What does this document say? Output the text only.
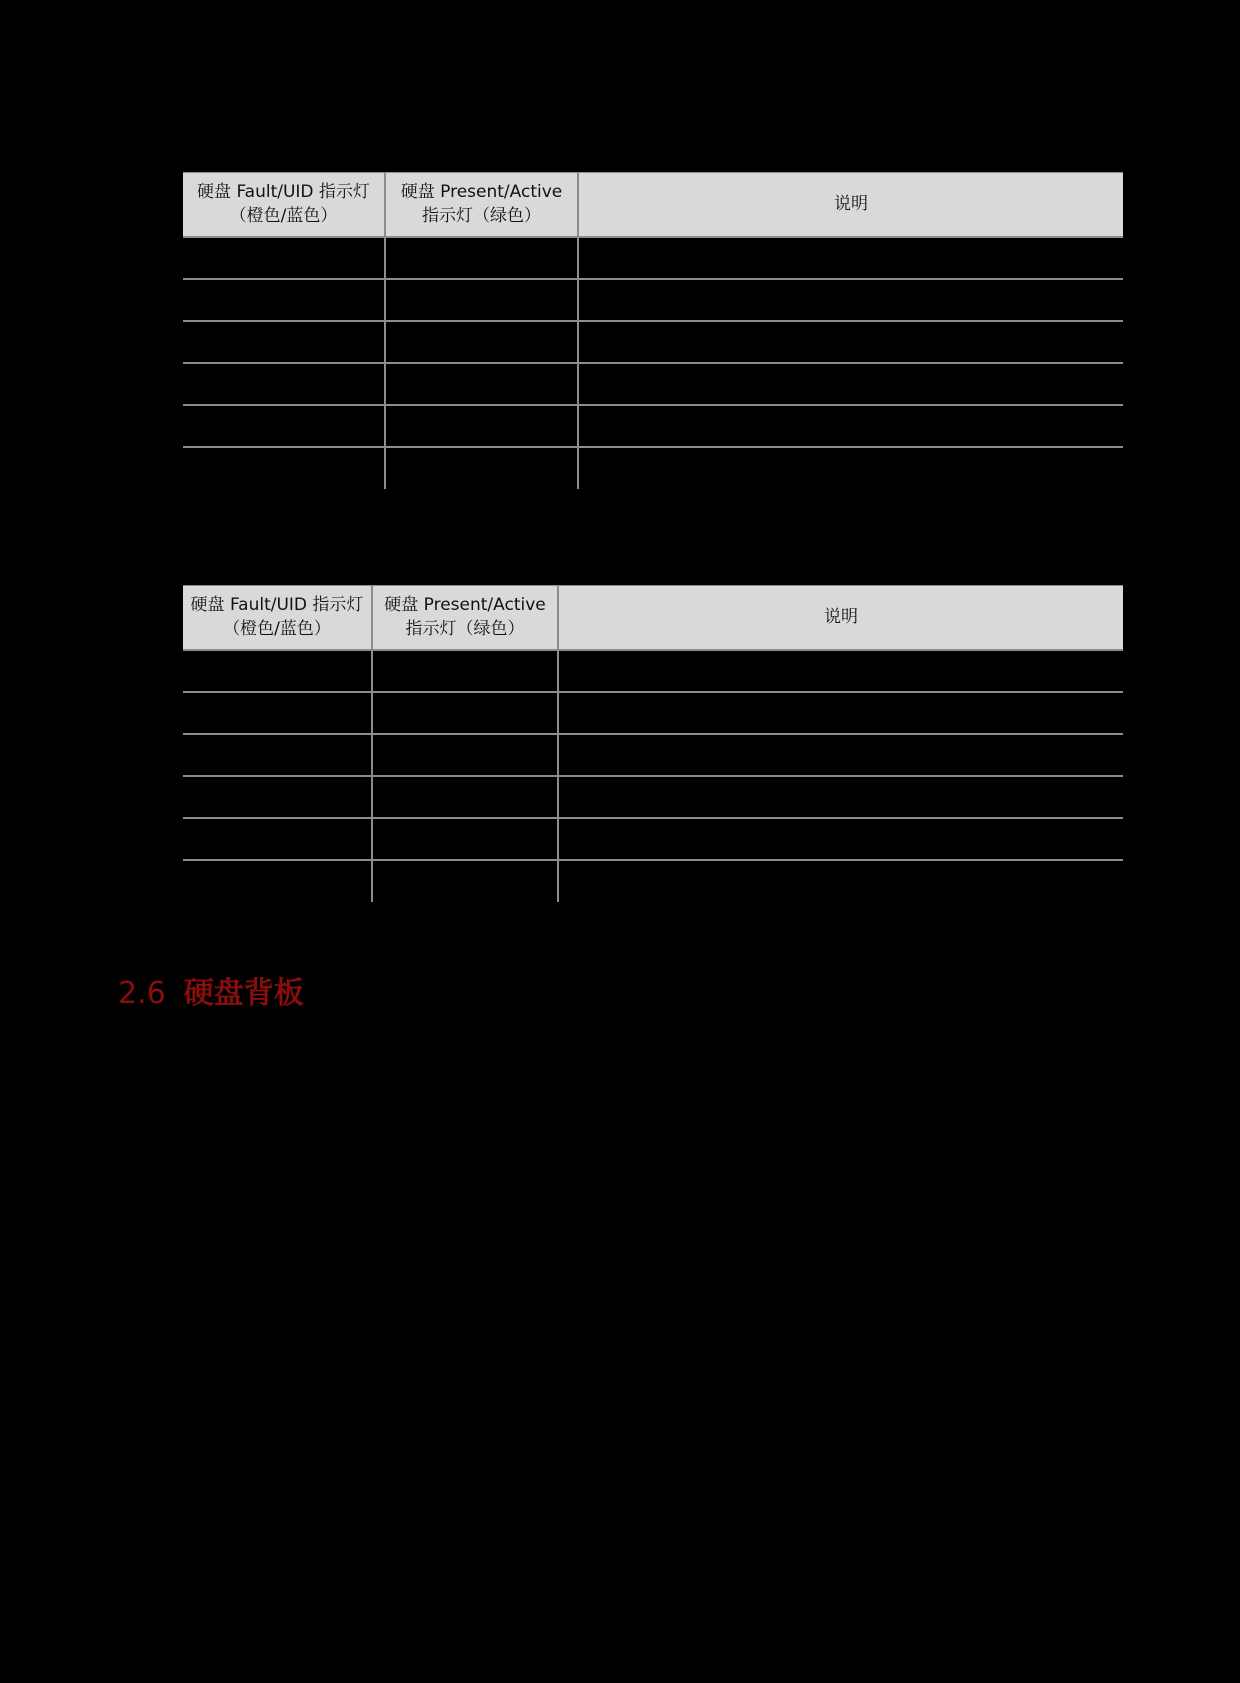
硬盘 Fault/UID 指示灯（橙色/蓝色）	硬盘 Present/Active 指示灯（绿色）	说明

硬盘 Fault/UID 指示灯（橙色/蓝色）	硬盘 Present/Active 指示灯（绿色）	说明

2.6 硬盘背板
